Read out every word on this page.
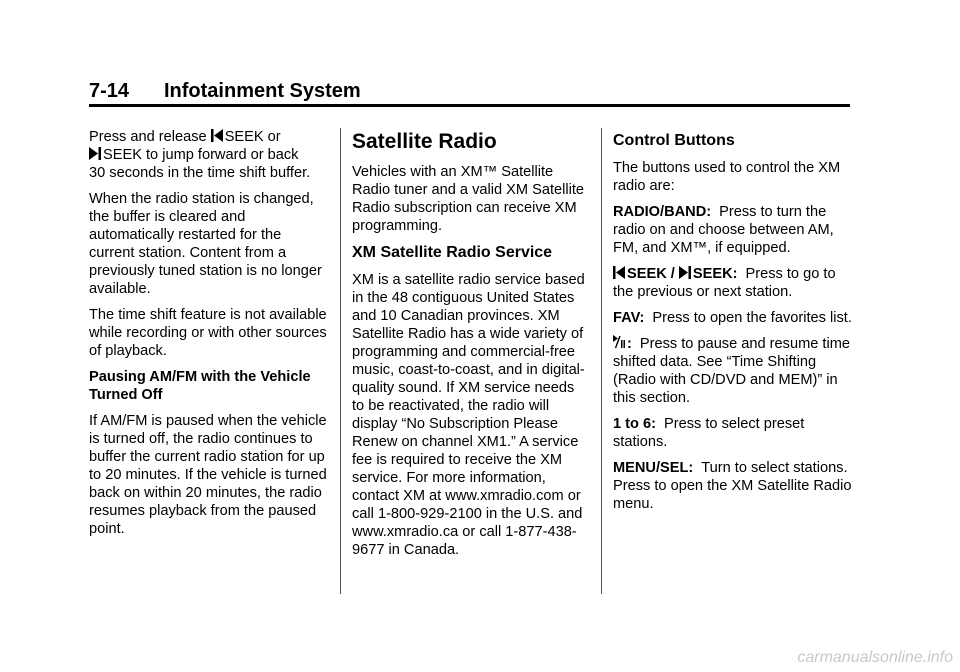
7-14 Infotainment System

Press and release
SEEK or

SEEK to jump forward or back
30 seconds in the time shift buffer.

When the radio station is changed, the buffer is cleared and automatically restarted for the current station. Content from a previously tuned station is no longer available.

The time shift feature is not available while recording or with other sources of playback.

Pausing AM/FM with the Vehicle Turned Off

If AM/FM is paused when the vehicle is turned off, the radio continues to buffer the current radio station for up to 20 minutes. If the vehicle is turned back on within 20 minutes, the radio resumes playback from the paused point.

Satellite Radio

Vehicles with an XM™ Satellite Radio tuner and a valid XM Satellite Radio subscription can receive XM programming.

XM Satellite Radio Service

XM is a satellite radio service based in the 48 contiguous United States and 10 Canadian provinces. XM Satellite Radio has a wide variety of programming and commercial-free music, coast-to-coast, and in digital-quality sound. If XM service needs to be reactivated, the radio will display “No Subscription Please Renew on channel XM1.” A service fee is required to receive the XM service. For more information, contact XM at www.xmradio.com or call 1-800-929-2100 in the U.S. and www.xmradio.ca or call 1-877-438-9677 in Canada.

Control Buttons

The buttons used to control the XM radio are:

RADIO/BAND: Press to turn the radio on and choose between AM, FM, and XM™, if equipped.

SEEK /
SEEK: Press to go to the previous or next station.

FAV: Press to open the favorites list.

: Press to pause and resume time shifted data. See “Time Shifting (Radio with CD/DVD and MEM)” in this section.

1 to 6: Press to select preset stations.

MENU/SEL: Turn to select stations. Press to open the XM Satellite Radio menu.

carmanualsonline.info
